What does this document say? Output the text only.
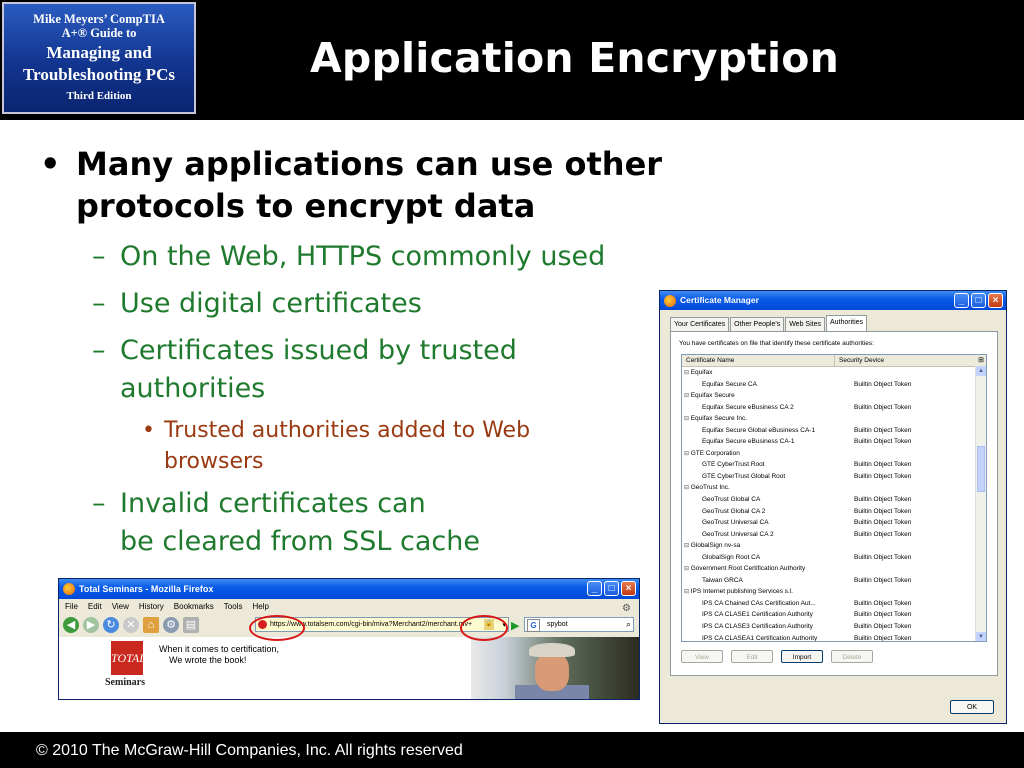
Mike Meyers’ CompTIA
A+® Guide to
Managing and
Troubleshooting PCs
Third Edition
Application Encryption
• Many applications can use other protocols to encrypt data
– On the Web, HTTPS commonly used
– Use digital certificates
– Certificates issued by trusted authorities
• Trusted authorities added to Web browsers
– Invalid certificates can
be cleared from SSL cache
Total Seminars - Mozilla Firefox	_	□	×
File Edit View History Bookmarks Tools Help	⚙
◀	▶	↻ ✕	⌂	⚙ ▤	https://www.totalsem.com/cgi-bin/miva?Merchant2/merchant.mv+ 🔒 ▾ ▶	G	spybot	⌕
TOTAL
Seminars
When it comes to certification,
We wrote the book!
Certificate Manager	_	□	×
Your Certificates	Other People's	Web Sites	Authorities
You have certificates on file that identify these certificate authorities:
Certificate Name	Security Device	⊞
⊟ Equifax
Equifax Secure CA	Builtin Object Token
⊟ Equifax Secure
Equifax Secure eBusiness CA 2	Builtin Object Token
⊟ Equifax Secure Inc.
Equifax Secure Global eBusiness CA-1	Builtin Object Token
Equifax Secure eBusiness CA-1	Builtin Object Token
⊟ GTE Corporation
GTE CyberTrust Root	Builtin Object Token
GTE CyberTrust Global Root	Builtin Object Token
⊟ GeoTrust Inc.
GeoTrust Global CA	Builtin Object Token
GeoTrust Global CA 2	Builtin Object Token
GeoTrust Universal CA	Builtin Object Token
GeoTrust Universal CA 2	Builtin Object Token
⊟ GlobalSign nv-sa
GlobalSign Root CA	Builtin Object Token
⊟ Government Root Certification Authority
Taiwan GRCA	Builtin Object Token
⊟ IPS Internet publishing Services s.l.
IPS CA Chained CAs Certification Aut...	Builtin Object Token
IPS CA CLASE1 Certification Authority	Builtin Object Token
IPS CA CLASE3 Certification Authority	Builtin Object Token
IPS CA CLASEA1 Certification Authority	Builtin Object Token
▲
▼
View	Edit	Import	Delete
OK
© 2010 The McGraw-Hill Companies, Inc. All rights reserved
